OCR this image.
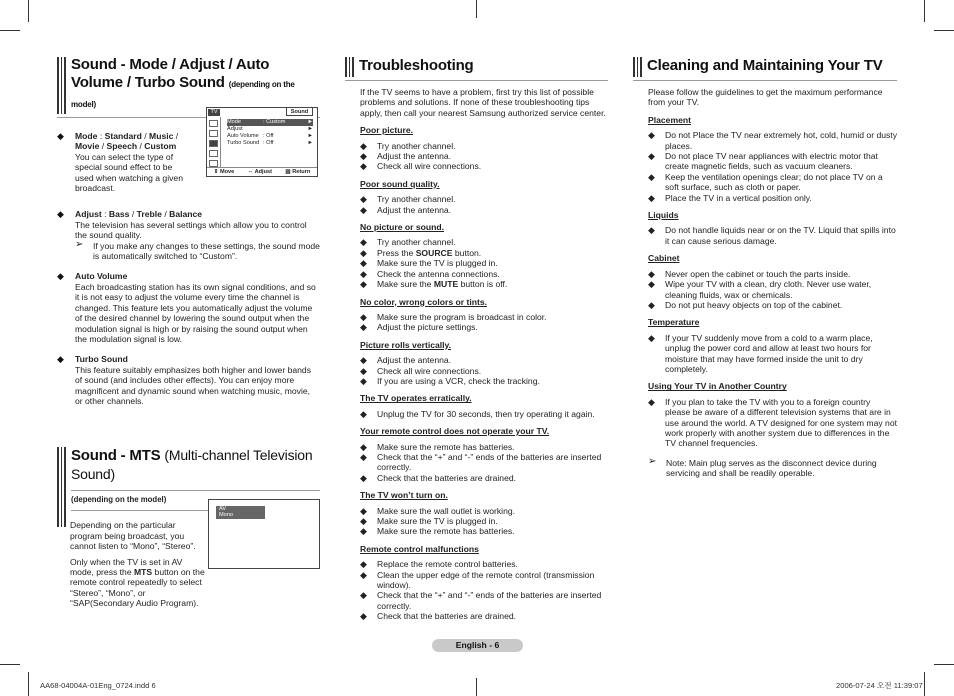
Sound - Mode / Adjust / Auto Volume / Turbo Sound (depending on the model)
◆ Mode : Standard / Music / Movie / Speech / Custom
You can select the type of special sound effect to be used when watching a given broadcast.
◆ Adjust : Bass / Treble / Balance
The television has several settings which allow you to control the sound quality.
➢ If you make any changes to these settings, the sound mode is automatically switched to “Custom”.
◆ Auto Volume
Each broadcasting station has its own signal conditions, and so it is not easy to adjust the volume every time the channel is changed. This feature lets you automatically adjust the volume of the desired channel by lowering the sound output when the modulation signal is high or by raising the sound output when the modulation signal is low.
◆ Turbo Sound
This feature suitably emphasizes both higher and lower bands of sound (and includes other effects). You can enjoy more magnificent and dynamic sound when watching music, movie, or other channels.
TV	Sound
Mode	: Custom	►
Adjust	►
Auto Volume : Off	►
Turbo Sound : Off	►
⇕ Move ⇔ Adjust ▥ Return
Sound - MTS (Multi-channel Television Sound)
(depending on the model)

Depending on the particular program being broadcast, you cannot listen to “Mono”, “Stereo”.

Only when the TV is set in AV mode, press the MTS button on the remote control repeatedly to select “Stereo”, “Mono”, or “SAP(Secondary Audio Program).

AV
Mono
Troubleshooting
If the TV seems to have a problem, first try this list of possible problems and solutions. If none of these troubleshooting tips apply, then call your nearest Samsung authorized service center.
Poor picture.
◆ Try another channel.
◆ Adjust the antenna.
◆ Check all wire connections.
Poor sound quality.
◆ Try another channel.
◆ Adjust the antenna.
No picture or sound.
◆ Try another channel.
◆ Press the SOURCE button.
◆ Make sure the TV is plugged in.
◆ Check the antenna connections.
◆ Make sure the MUTE button is off.
No color, wrong colors or tints.
◆ Make sure the program is broadcast in color.
◆ Adjust the picture settings.
Picture rolls vertically.
◆ Adjust the antenna.
◆ Check all wire connections.
◆ If you are using a VCR, check the tracking.
The TV operates erratically.
◆ Unplug the TV for 30 seconds, then try operating it again.
Your remote control does not operate your TV.
◆ Make sure the remote has batteries.
◆ Check that the “+” and “-” ends of the batteries are inserted correctly.
◆ Check that the batteries are drained.
The TV won’t turn on.
◆ Make sure the wall outlet is working.
◆ Make sure the TV is plugged in.
◆ Make sure the remote has batteries.
Remote control malfunctions
◆ Replace the remote control batteries.
◆ Clean the upper edge of the remote control (transmission window).
◆ Check that the “+” and “-” ends of the batteries are inserted correctly.
◆ Check that the batteries are drained.
Cleaning and Maintaining Your TV
Please follow the guidelines to get the maximum performance from your TV.
Placement
◆ Do not Place the TV near extremely hot, cold, humid or dusty places.
◆ Do not place TV near appliances with electric motor that create magnetic fields, such as vacuum cleaners.
◆ Keep the ventilation openings clear; do not place TV on a soft surface, such as cloth or paper.
◆ Place the TV in a vertical position only.
Liquids
◆ Do not handle liquids near or on the TV. Liquid that spills into it can cause serious damage.
Cabinet
◆ Never open the cabinet or touch the parts inside.
◆ Wipe your TV with a clean, dry cloth. Never use water, cleaning fluids, wax or chemicals.
◆ Do not put heavy objects on top of the cabinet.
Temperature
◆ If your TV suddenly move from a cold to a warm place, unplug the power cord and allow at least two hours for moisture that may have formed inside the unit to dry completely.
Using Your TV in Another Country
◆ If you plan to take the TV with you to a foreign country please be aware of a different television systems that are in use around the world. A TV designed for one system may not work properly with another system due to differences in the TV channel frequencies.
➢ Note: Main plug serves as the disconnect device during servicing and shall be readily operable.
English - 6
AA68-04004A-01Eng_0724.indd 6	2006-07-24 오전 11:39:07
